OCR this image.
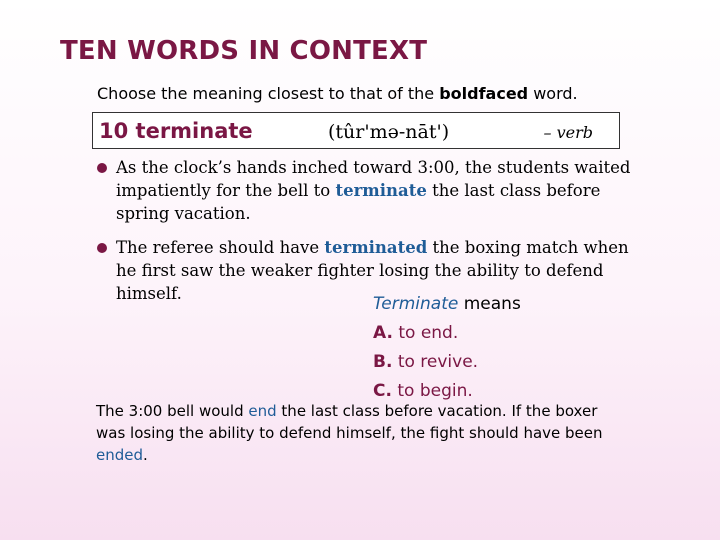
TEN WORDS IN CONTEXT
Choose the meaning closest to that of the boldfaced word.
10 terminate	(tûr'mə-nāt')	– verb
As the clock’s hands inched toward 3:00, the students waited impatiently for the bell to terminate the last class before spring vacation.
The referee should have terminated the boxing match when he first saw the weaker fighter losing the ability to defend himself.
Terminate means
A. to end.
B. to revive.
C. to begin.
The 3:00 bell would end the last class before vacation. If the boxer was losing the ability to defend himself, the fight should have been ended.
